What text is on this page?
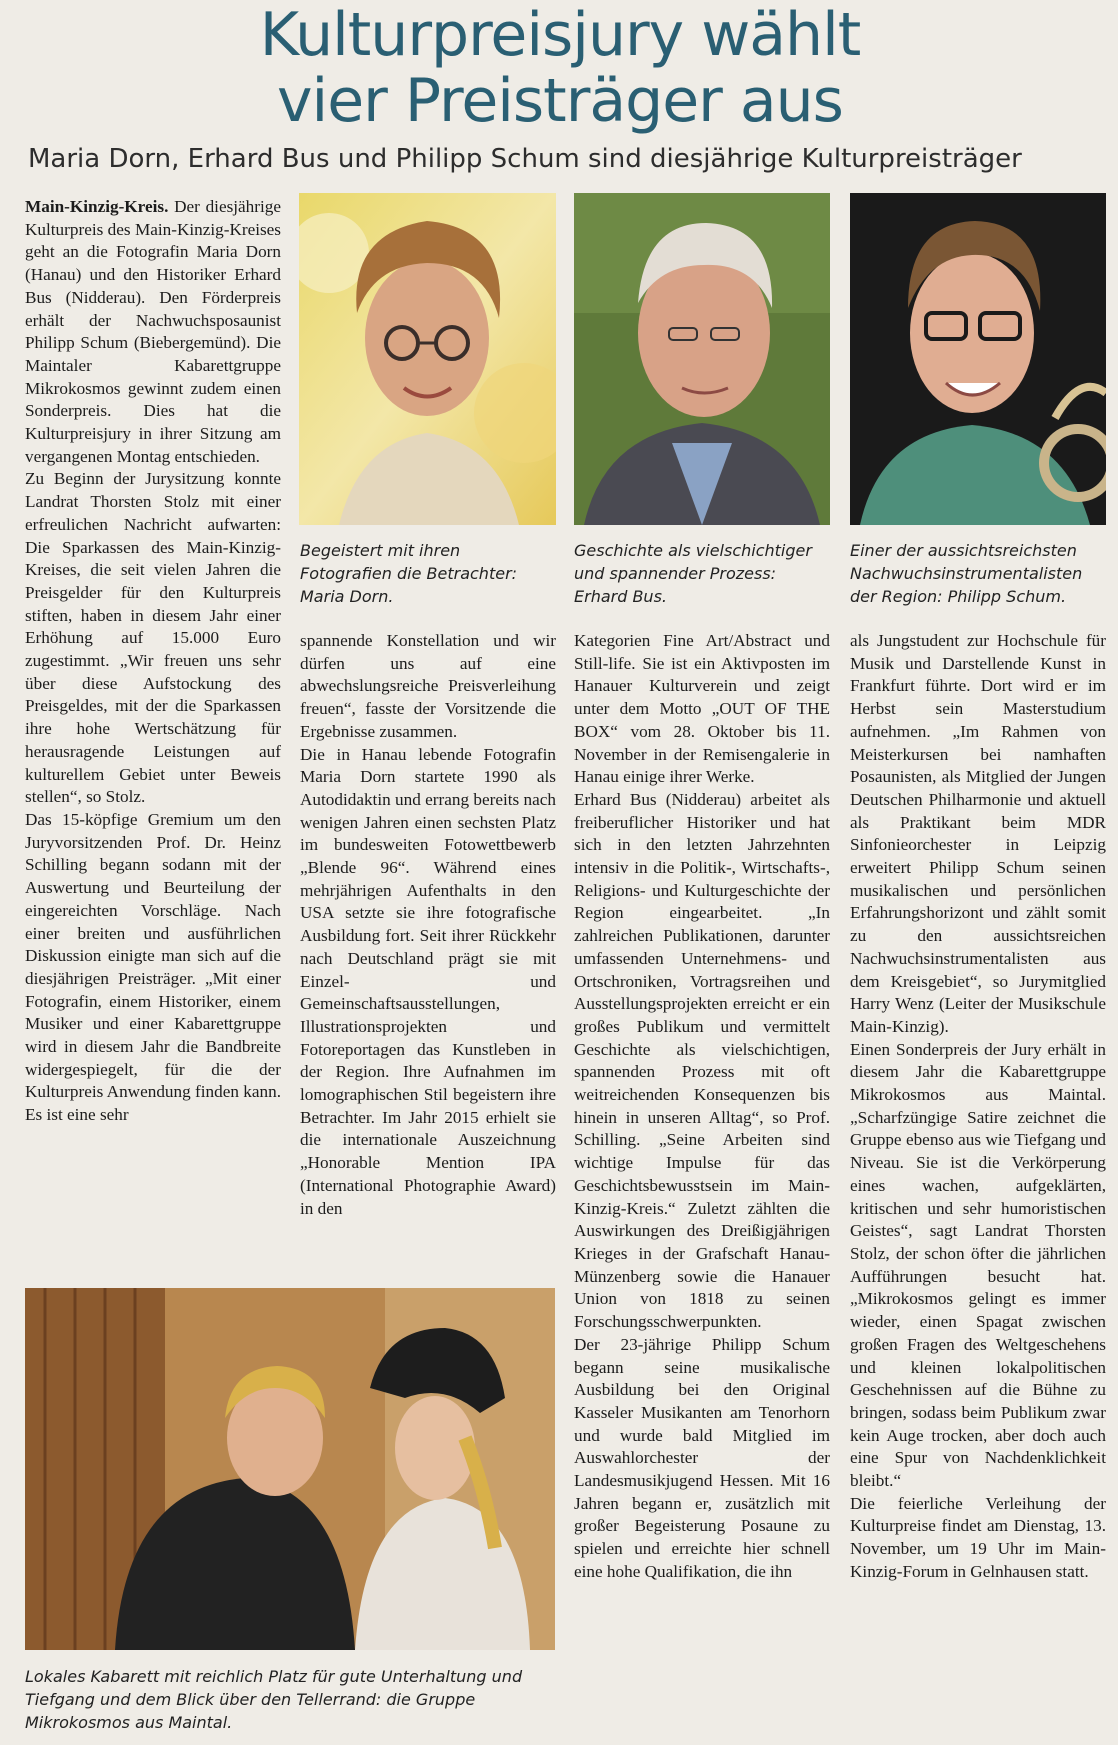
Kulturpreisjury wählt
vier Preisträger aus
Maria Dorn, Erhard Bus und Philipp Schum sind diesjährige Kulturpreisträger
Begeistert mit ihren Fotografien die Betrachter: Maria Dorn.
Geschichte als vielschichtiger und spannender Prozess: Erhard Bus.
Einer der aussichtsreichsten Nachwuchsinstrumentalisten der Region: Philipp Schum.

Main-Kinzig-Kreis. Der diesjährige Kulturpreis des Main-Kinzig-Kreises geht an die Fotografin Maria Dorn (Hanau) und den Historiker Erhard Bus (Nidderau). Den Förderpreis erhält der Nachwuchsposaunist Philipp Schum (Biebergemünd). Die Maintaler Kabarettgruppe Mikrokosmos gewinnt zudem einen Sonderpreis. Dies hat die Kulturpreisjury in ihrer Sitzung am vergangenen Montag entschieden.

Zu Beginn der Jurysitzung konnte Landrat Thorsten Stolz mit einer erfreulichen Nachricht aufwarten: Die Sparkassen des Main-Kinzig-Kreises, die seit vielen Jahren die Preisgelder für den Kulturpreis stiften, haben in diesem Jahr einer Erhöhung auf 15.000 Euro zugestimmt. „Wir freuen uns sehr über diese Aufstockung des Preisgeldes, mit der die Sparkassen ihre hohe Wertschätzung für herausragende Leistungen auf kulturellem Gebiet unter Beweis stellen“, so Stolz.

Das 15-köpfige Gremium um den Juryvorsitzenden Prof. Dr. Heinz Schilling begann sodann mit der Auswertung und Beurteilung der eingereichten Vorschläge. Nach einer breiten und ausführlichen Diskussion einigte man sich auf die diesjährigen Preisträger. „Mit einer Fotografin, einem Historiker, einem Musiker und einer Kabarettgruppe wird in diesem Jahr die Bandbreite widergespiegelt, für die der Kulturpreis Anwendung finden kann. Es ist eine sehr

spannende Konstellation und wir dürfen uns auf eine abwechslungsreiche Preisverleihung freuen“, fasste der Vorsitzende die Ergebnisse zusammen.

Die in Hanau lebende Fotografin Maria Dorn startete 1990 als Autodidaktin und errang bereits nach wenigen Jahren einen sechsten Platz im bundesweiten Fotowettbewerb „Blende 96“. Während eines mehrjährigen Aufenthalts in den USA setzte sie ihre fotografische Ausbildung fort. Seit ihrer Rückkehr nach Deutschland prägt sie mit Einzel- und Gemeinschaftsausstellungen, Illustrationsprojekten und Fotoreportagen das Kunstleben in der Region. Ihre Aufnahmen im lomographischen Stil begeistern ihre Betrachter. Im Jahr 2015 erhielt sie die internationale Auszeichnung „Honorable Mention IPA (International Photographie Award) in den

Lokales Kabarett mit reichlich Platz für gute Unterhaltung und Tiefgang und dem Blick über den Tellerrand: die Gruppe Mikrokosmos aus Maintal.

Kategorien Fine Art/Abstract und Still-life. Sie ist ein Aktivposten im Hanauer Kulturverein und zeigt unter dem Motto „OUT OF THE BOX“ vom 28. Oktober bis 11. November in der Remisengalerie in Hanau einige ihrer Werke.

Erhard Bus (Nidderau) arbeitet als freiberuflicher Historiker und hat sich in den letzten Jahrzehnten intensiv in die Politik-, Wirtschafts-, Religions- und Kulturgeschichte der Region eingearbeitet. „In zahlreichen Publikationen, darunter umfassenden Unternehmens- und Ortschroniken, Vortragsreihen und Ausstellungsprojekten erreicht er ein großes Publikum und vermittelt Geschichte als vielschichtigen, spannenden Prozess mit oft weitreichenden Konsequenzen bis hinein in unseren Alltag“, so Prof. Schilling. „Seine Arbeiten sind wichtige Impulse für das Geschichtsbewusstsein im Main-Kinzig-Kreis.“ Zuletzt zählten die Auswirkungen des Dreißigjährigen Krieges in der Grafschaft Hanau-Münzenberg sowie die Hanauer Union von 1818 zu seinen Forschungsschwerpunkten.

Der 23-jährige Philipp Schum begann seine musikalische Ausbildung bei den Original Kasseler Musikanten am Tenorhorn und wurde bald Mitglied im Auswahlorchester der Landesmusikjugend Hessen. Mit 16 Jahren begann er, zusätzlich mit großer Begeisterung Posaune zu spielen und erreichte hier schnell eine hohe Qualifikation, die ihn

als Jungstudent zur Hochschule für Musik und Darstellende Kunst in Frankfurt führte. Dort wird er im Herbst sein Masterstudium aufnehmen. „Im Rahmen von Meisterkursen bei namhaften Posaunisten, als Mitglied der Jungen Deutschen Philharmonie und aktuell als Praktikant beim MDR Sinfonieorchester in Leipzig erweitert Philipp Schum seinen musikalischen und persönlichen Erfahrungshorizont und zählt somit zu den aussichtsreichen Nachwuchsinstrumentalisten aus dem Kreisgebiet“, so Jurymitglied Harry Wenz (Leiter der Musikschule Main-Kinzig).

Einen Sonderpreis der Jury erhält in diesem Jahr die Kabarettgruppe Mikrokosmos aus Maintal. „Scharfzüngige Satire zeichnet die Gruppe ebenso aus wie Tiefgang und Niveau. Sie ist die Verkörperung eines wachen, aufgeklärten, kritischen und sehr humoristischen Geistes“, sagt Landrat Thorsten Stolz, der schon öfter die jährlichen Aufführungen besucht hat. „Mikrokosmos gelingt es immer wieder, einen Spagat zwischen großen Fragen des Weltgeschehens und kleinen lokalpolitischen Geschehnissen auf die Bühne zu bringen, sodass beim Publikum zwar kein Auge trocken, aber doch auch eine Spur von Nachdenklichkeit bleibt.“

Die feierliche Verleihung der Kulturpreise findet am Dienstag, 13. November, um 19 Uhr im Main-Kinzig-Forum in Gelnhausen statt.
